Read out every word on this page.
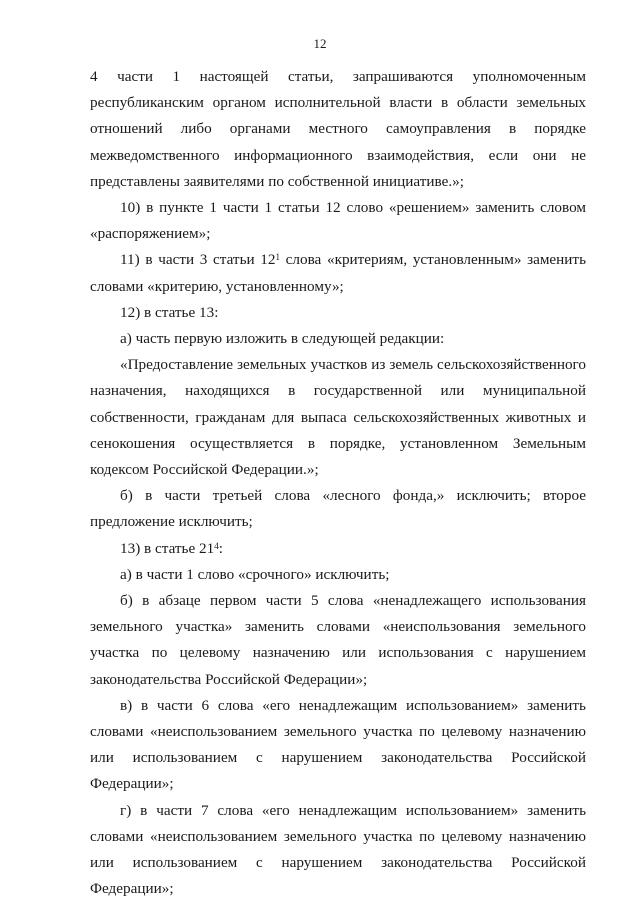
12

4 части 1 настоящей статьи, запрашиваются уполномоченным республиканским органом исполнительной власти в области земельных отношений либо органами местного самоуправления в порядке межведомственного информационного взаимодействия, если они не представлены заявителями по собственной инициативе.»;

10) в пункте 1 части 1 статьи 12 слово «решением» заменить словом «распоряжением»;

11) в части 3 статьи $12^1$ слова «критериям, установленным» заменить словами «критерию, установленному»;

12) в статье 13:

а) часть первую изложить в следующей редакции:

«Предоставление земельных участков из земель сельскохозяйственного назначения, находящихся в государственной или муниципальной собственности, гражданам для выпаса сельскохозяйственных животных и сенокошения осуществляется в порядке, установленном Земельным кодексом Российской Федерации.»;

б) в части третьей слова «лесного фонда,» исключить; второе предложение исключить;

13) в статье $21^4$:

а) в части 1 слово «срочного» исключить;

б) в абзаце первом части 5 слова «ненадлежащего использования земельного участка» заменить словами «неиспользования земельного участка по целевому назначению или использования с нарушением законодательства Российской Федерации»;

в) в части 6 слова «его ненадлежащим использованием» заменить словами «неиспользованием земельного участка по целевому назначению или использованием с нарушением законодательства Российской Федерации»;

г) в части 7 слова «его ненадлежащим использованием» заменить словами «неиспользованием земельного участка по целевому назначению или использованием с нарушением законодательства Российской Федерации»;
